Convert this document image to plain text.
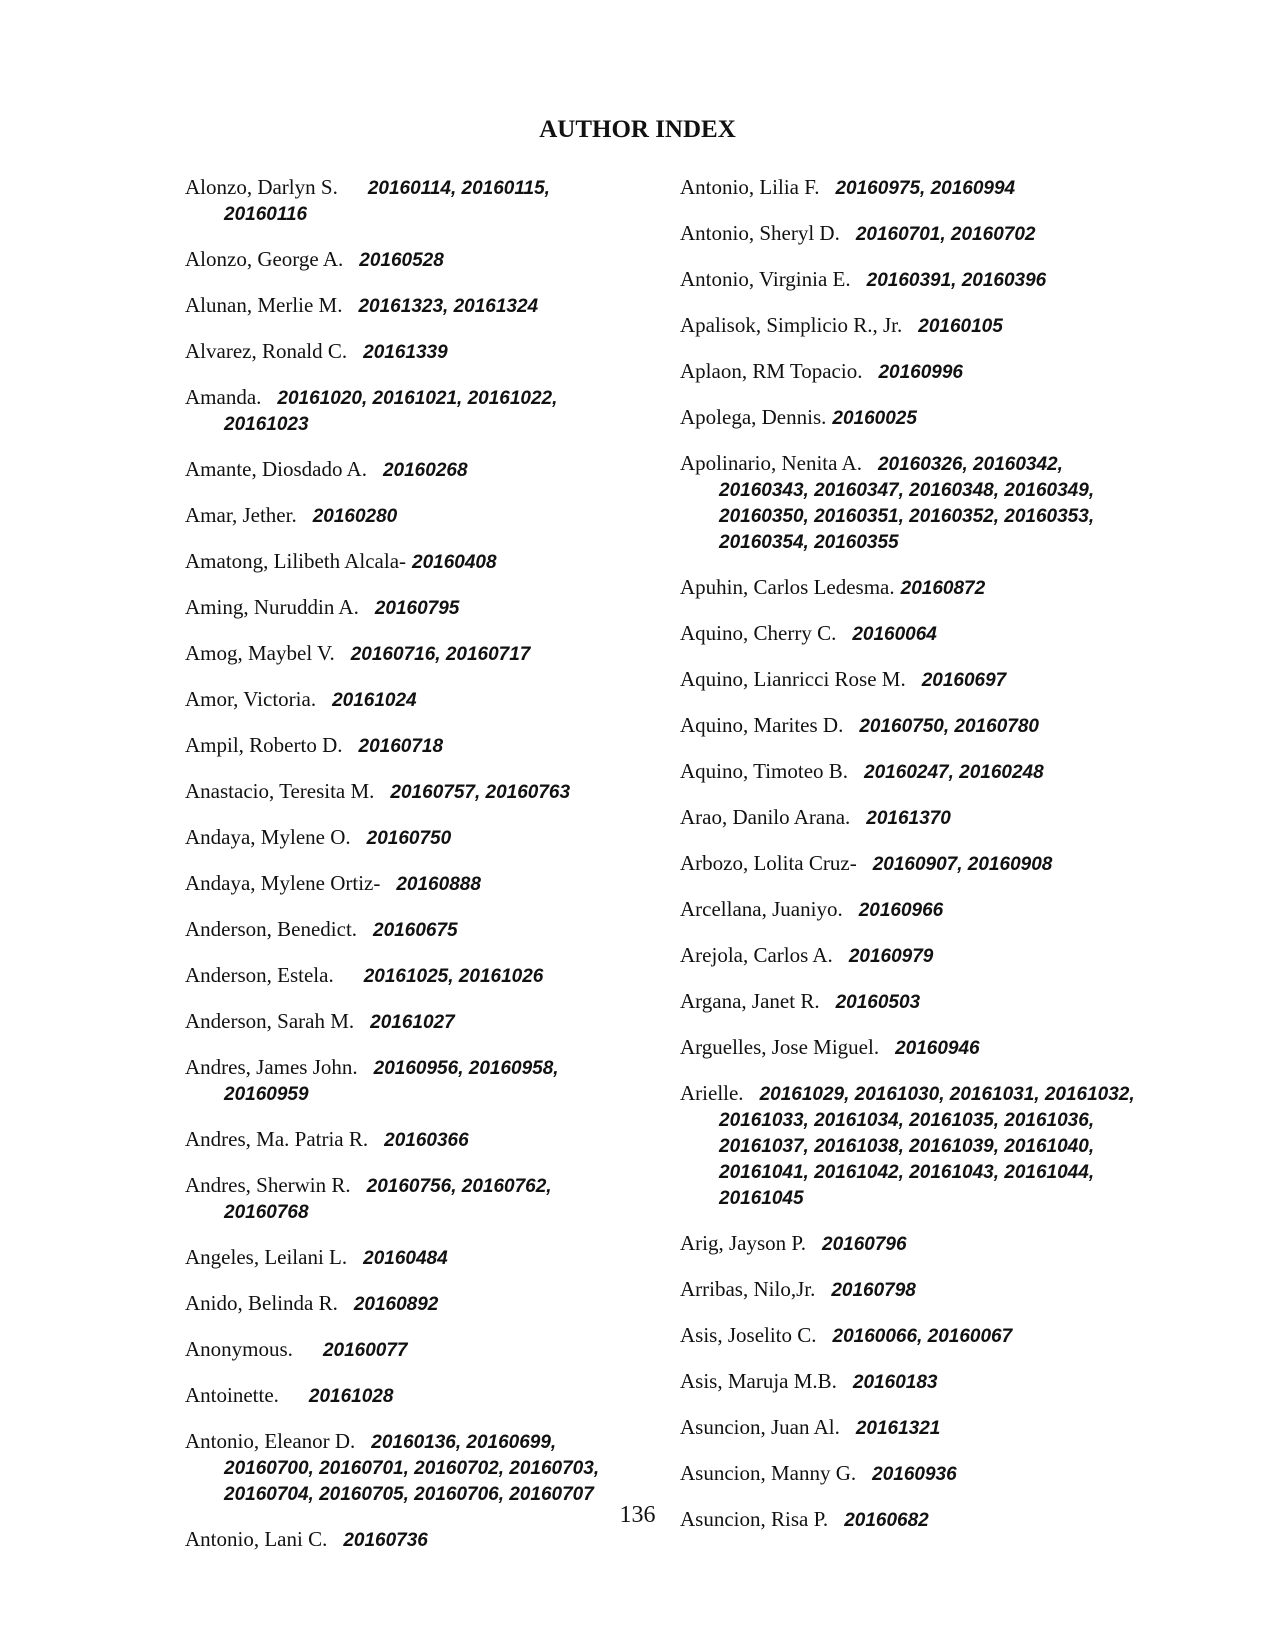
AUTHOR INDEX
Alonzo, Darlyn S. 20160114, 20160115, 20160116
Alonzo, George A. 20160528
Alunan, Merlie M. 20161323, 20161324
Alvarez, Ronald C. 20161339
Amanda. 20161020, 20161021, 20161022, 20161023
Amante, Diosdado A. 20160268
Amar, Jether. 20160280
Amatong, Lilibeth Alcala- 20160408
Aming, Nuruddin A. 20160795
Amog, Maybel V. 20160716, 20160717
Amor, Victoria. 20161024
Ampil, Roberto D. 20160718
Anastacio, Teresita M. 20160757, 20160763
Andaya, Mylene O. 20160750
Andaya, Mylene Ortiz- 20160888
Anderson, Benedict. 20160675
Anderson, Estela. 20161025, 20161026
Anderson, Sarah M. 20161027
Andres, James John. 20160956, 20160958, 20160959
Andres, Ma. Patria R. 20160366
Andres, Sherwin R. 20160756, 20160762, 20160768
Angeles, Leilani L. 20160484
Anido, Belinda R. 20160892
Anonymous. 20160077
Antoinette. 20161028
Antonio, Eleanor D. 20160136, 20160699, 20160700, 20160701, 20160702, 20160703, 20160704, 20160705, 20160706, 20160707
Antonio, Lani C. 20160736
Antonio, Lilia F. 20160975, 20160994
Antonio, Sheryl D. 20160701, 20160702
Antonio, Virginia E. 20160391, 20160396
Apalisok, Simplicio R., Jr. 20160105
Aplaon, RM Topacio. 20160996
Apolega, Dennis. 20160025
Apolinario, Nenita A. 20160326, 20160342, 20160343, 20160347, 20160348, 20160349, 20160350, 20160351, 20160352, 20160353, 20160354, 20160355
Apuhin, Carlos Ledesma. 20160872
Aquino, Cherry C. 20160064
Aquino, Lianricci Rose M. 20160697
Aquino, Marites D. 20160750, 20160780
Aquino, Timoteo B. 20160247, 20160248
Arao, Danilo Arana. 20161370
Arbozo, Lolita Cruz- 20160907, 20160908
Arcellana, Juaniyo. 20160966
Arejola, Carlos A. 20160979
Argana, Janet R. 20160503
Arguelles, Jose Miguel. 20160946
Arielle. 20161029, 20161030, 20161031, 20161032, 20161033, 20161034, 20161035, 20161036, 20161037, 20161038, 20161039, 20161040, 20161041, 20161042, 20161043, 20161044, 20161045
Arig, Jayson P. 20160796
Arribas, Nilo,Jr. 20160798
Asis, Joselito C. 20160066, 20160067
Asis, Maruja M.B. 20160183
Asuncion, Juan Al. 20161321
Asuncion, Manny G. 20160936
Asuncion, Risa P. 20160682
136
